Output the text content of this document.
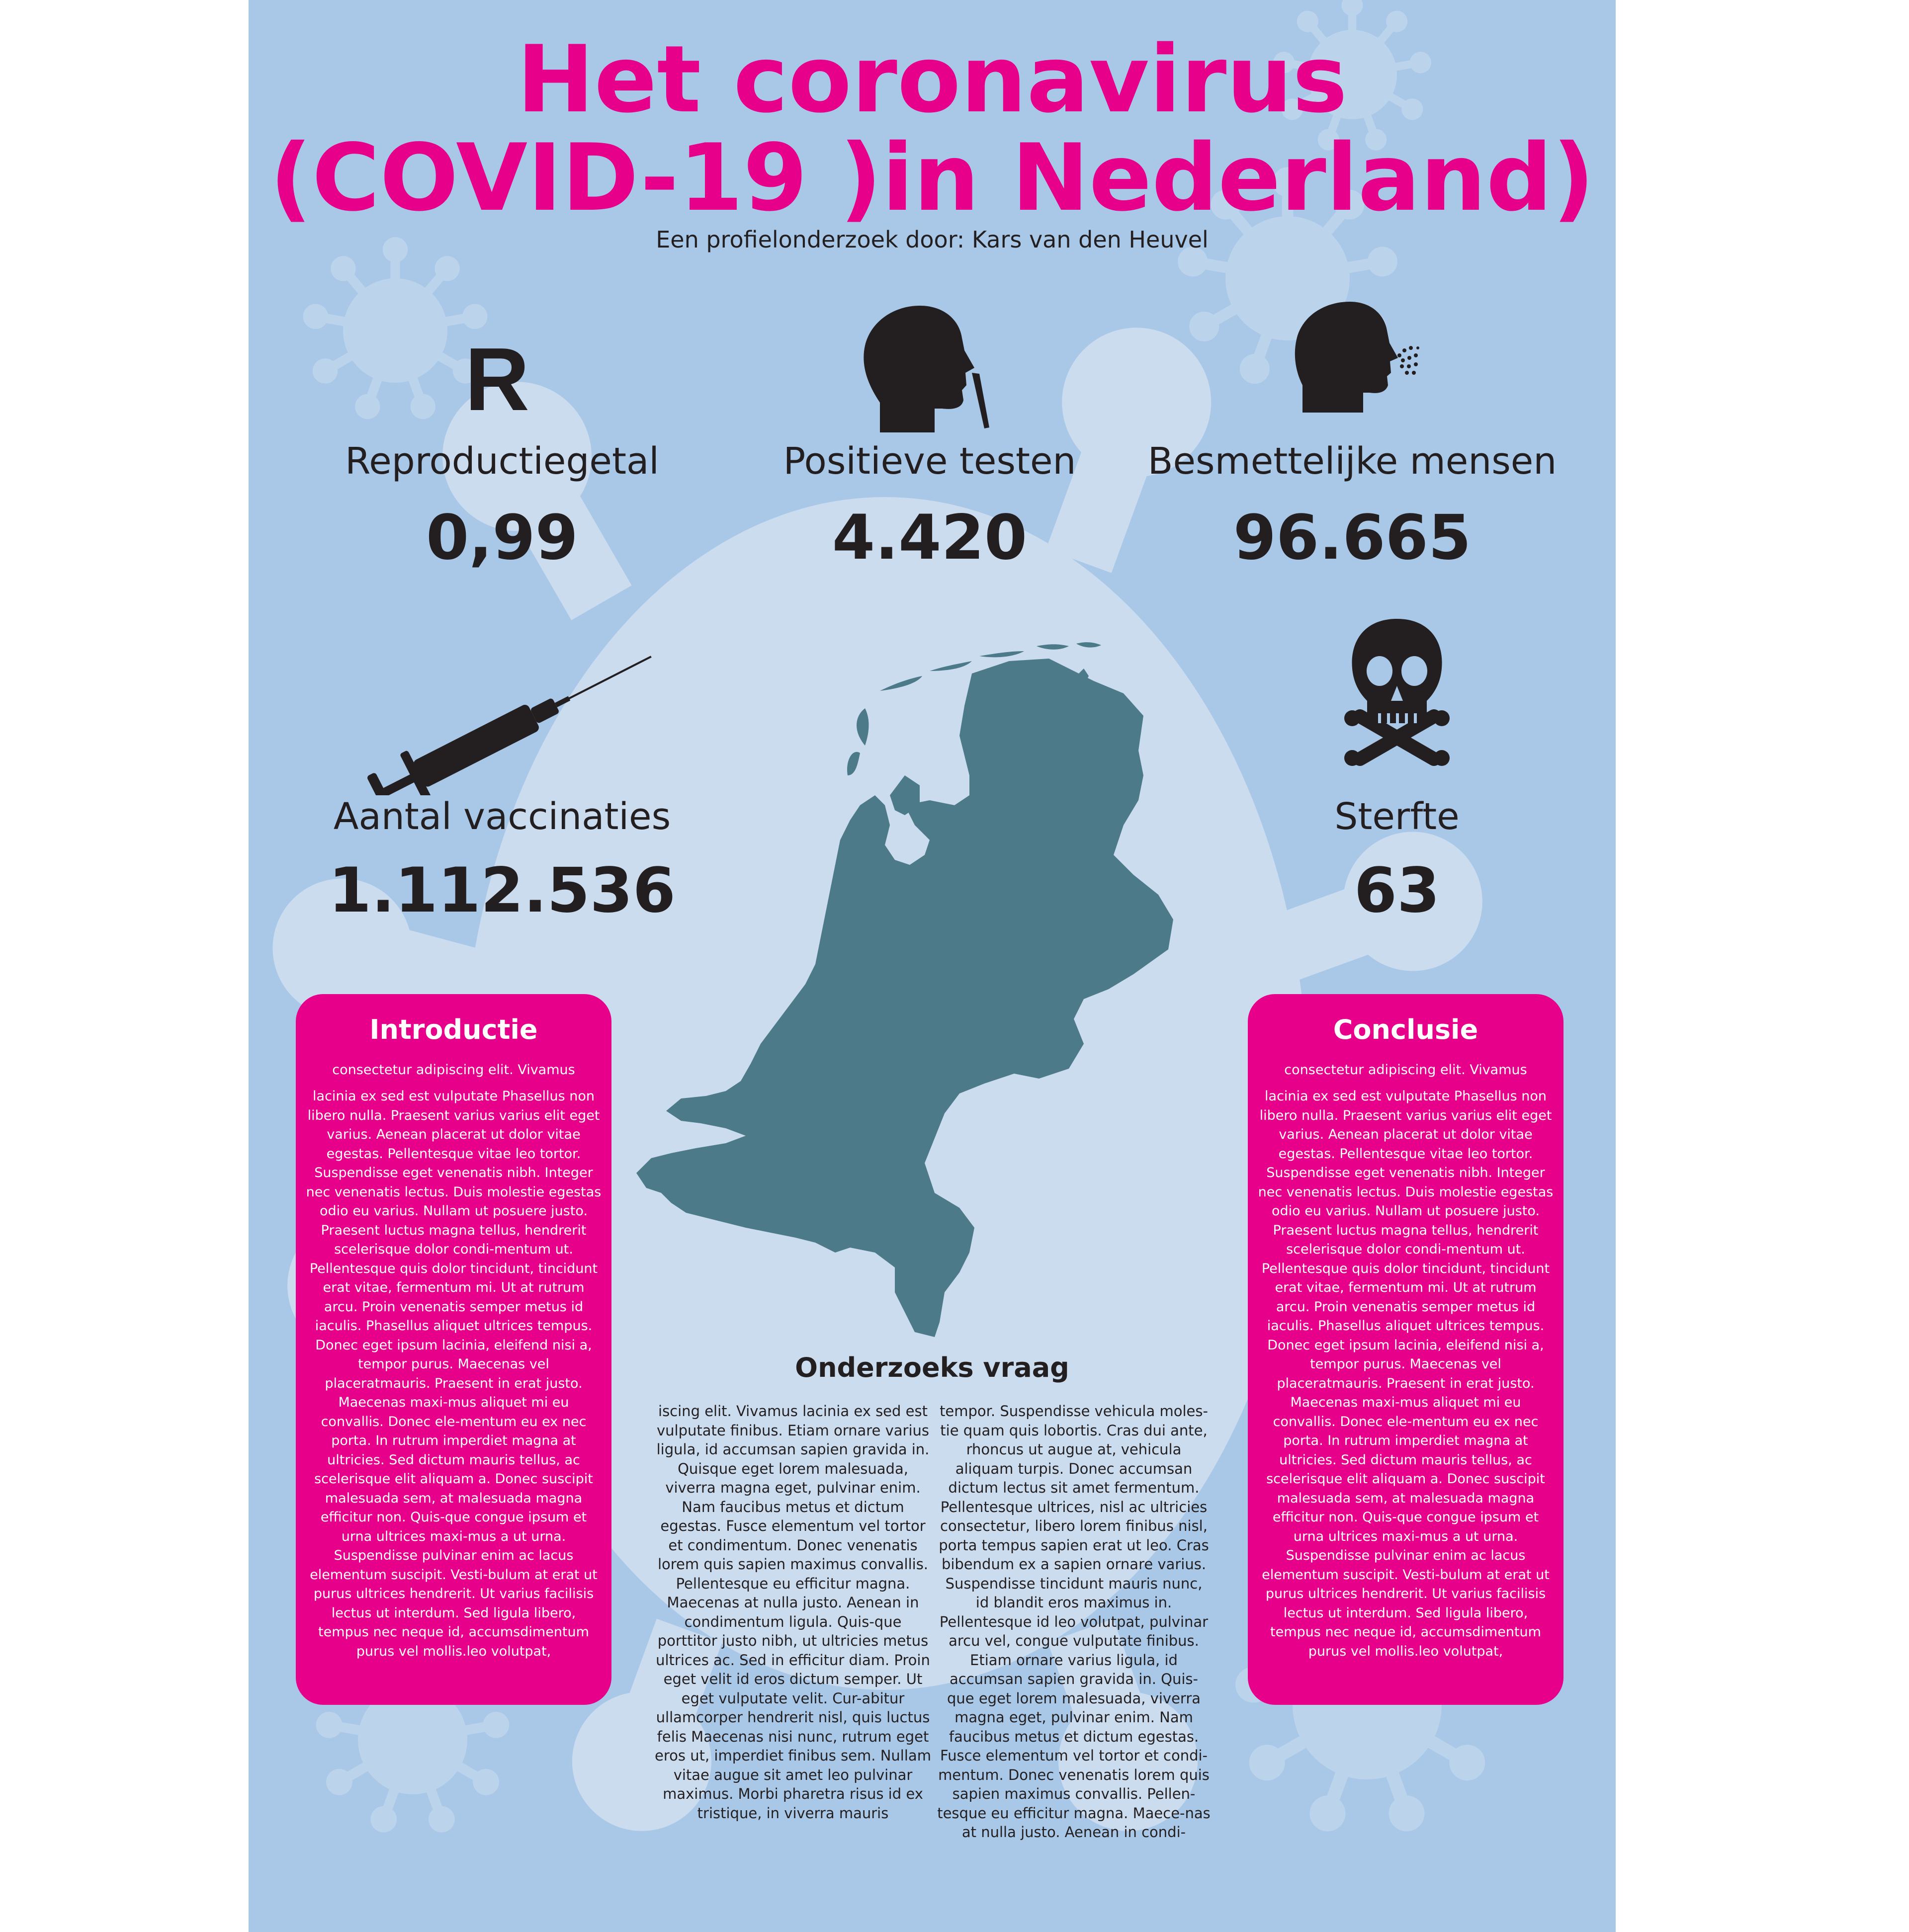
Het coronavirus
(COVID-19 )in Nederland)
Een profielonderzoek door: Kars van den Heuvel
R
Reproductiegetal
0,99
Positieve testen
4.420
Besmettelijke mensen
96.665
Aantal vaccinaties
1.112.536
Sterfte
63
Introductie
consectetur adipiscing elit. Vivamus
lacinia ex sed est vulputate Phasellus non libero nulla. Praesent varius varius elit eget varius. Aenean placerat ut dolor vitae egestas. Pellentesque vitae leo tortor. Suspendisse eget venenatis nibh. Integer nec venenatis lectus. Duis molestie egestas odio eu varius. Nullam ut posuere justo. Praesent luctus magna tellus, hendrerit scelerisque dolor condi-mentum ut. Pellentesque quis dolor tincidunt, tincidunt erat vitae, fermentum mi. Ut at rutrum arcu. Proin venenatis semper metus id iaculis. Phasellus aliquet ultrices tempus. Donec eget ipsum lacinia, eleifend nisi a, tempor purus. Maecenas vel placeratmauris. Praesent in erat justo. Maecenas maxi-mus aliquet mi eu convallis. Donec ele-mentum eu ex nec porta. In rutrum imperdiet magna at ultricies. Sed dictum mauris tellus, ac scelerisque elit aliquam a. Donec suscipit malesuada sem, at malesuada magna efficitur non. Quis-que congue ipsum et urna ultrices maxi-mus a ut urna. Suspendisse pulvinar enim ac lacus elementum suscipit. Vesti-bulum at erat ut purus ultrices hendrerit. Ut varius facilisis lectus ut interdum. Sed ligula libero, tempus nec neque id, accumsdimentum purus vel mollis.leo volutpat,
Conclusie
consectetur adipiscing elit. Vivamus
lacinia ex sed est vulputate Phasellus non libero nulla. Praesent varius varius elit eget varius. Aenean placerat ut dolor vitae egestas. Pellentesque vitae leo tortor. Suspendisse eget venenatis nibh. Integer nec venenatis lectus. Duis molestie egestas odio eu varius. Nullam ut posuere justo. Praesent luctus magna tellus, hendrerit scelerisque dolor condi-mentum ut. Pellentesque quis dolor tincidunt, tincidunt erat vitae, fermentum mi. Ut at rutrum arcu. Proin venenatis semper metus id iaculis. Phasellus aliquet ultrices tempus. Donec eget ipsum lacinia, eleifend nisi a, tempor purus. Maecenas vel placeratmauris. Praesent in erat justo. Maecenas maxi-mus aliquet mi eu convallis. Donec ele-mentum eu ex nec porta. In rutrum imperdiet magna at ultricies. Sed dictum mauris tellus, ac scelerisque elit aliquam a. Donec suscipit malesuada sem, at malesuada magna efficitur non. Quis-que congue ipsum et urna ultrices maxi-mus a ut urna. Suspendisse pulvinar enim ac lacus elementum suscipit. Vesti-bulum at erat ut purus ultrices hendrerit. Ut varius facilisis lectus ut interdum. Sed ligula libero, tempus nec neque id, accumsdimentum purus vel mollis.leo volutpat,
Onderzoeks vraag
iscing elit. Vivamus lacinia ex sed est vulputate finibus. Etiam ornare varius ligula, id accumsan sapien gravida in. Quisque eget lorem malesuada, viverra magna eget, pulvinar enim. Nam faucibus metus et dictum egestas. Fusce elementum vel tortor et condimentum. Donec venenatis lorem quis sapien maximus convallis. Pellentesque eu efficitur magna. Maecenas at nulla justo. Aenean in condimentum ligula. Quis-que porttitor justo nibh, ut ultricies metus ultrices ac. Sed in efficitur diam. Proin eget velit id eros dictum semper. Ut eget vulputate velit. Cur-abitur ullamcorper hendrerit nisl, quis luctus felis Maecenas nisi nunc, rutrum eget eros ut, imperdiet finibus sem. Nullam vitae augue sit amet leo pulvinar maximus. Morbi pharetra risus id ex tristique, in viverra mauris
tempor. Suspendisse vehicula moles-tie quam quis lobortis. Cras dui ante, rhoncus ut augue at, vehicula aliquam turpis. Donec accumsan dictum lectus sit amet fermentum. Pellentesque ultrices, nisl ac ultricies consectetur, libero lorem finibus nisl, porta tempus sapien erat ut leo. Cras bibendum ex a sapien ornare varius. Suspendisse tincidunt mauris nunc, id blandit eros maximus in. Pellentesque id leo volutpat, pulvinar arcu vel, congue vulputate finibus. Etiam ornare varius ligula, id accumsan sapien gravida in. Quis-que eget lorem malesuada, viverra magna eget, pulvinar enim. Nam faucibus metus et dictum egestas. Fusce elementum vel tortor et condi-mentum. Donec venenatis lorem quis sapien maximus convallis. Pellen-tesque eu efficitur magna. Maece-nas at nulla justo. Aenean in condi-
